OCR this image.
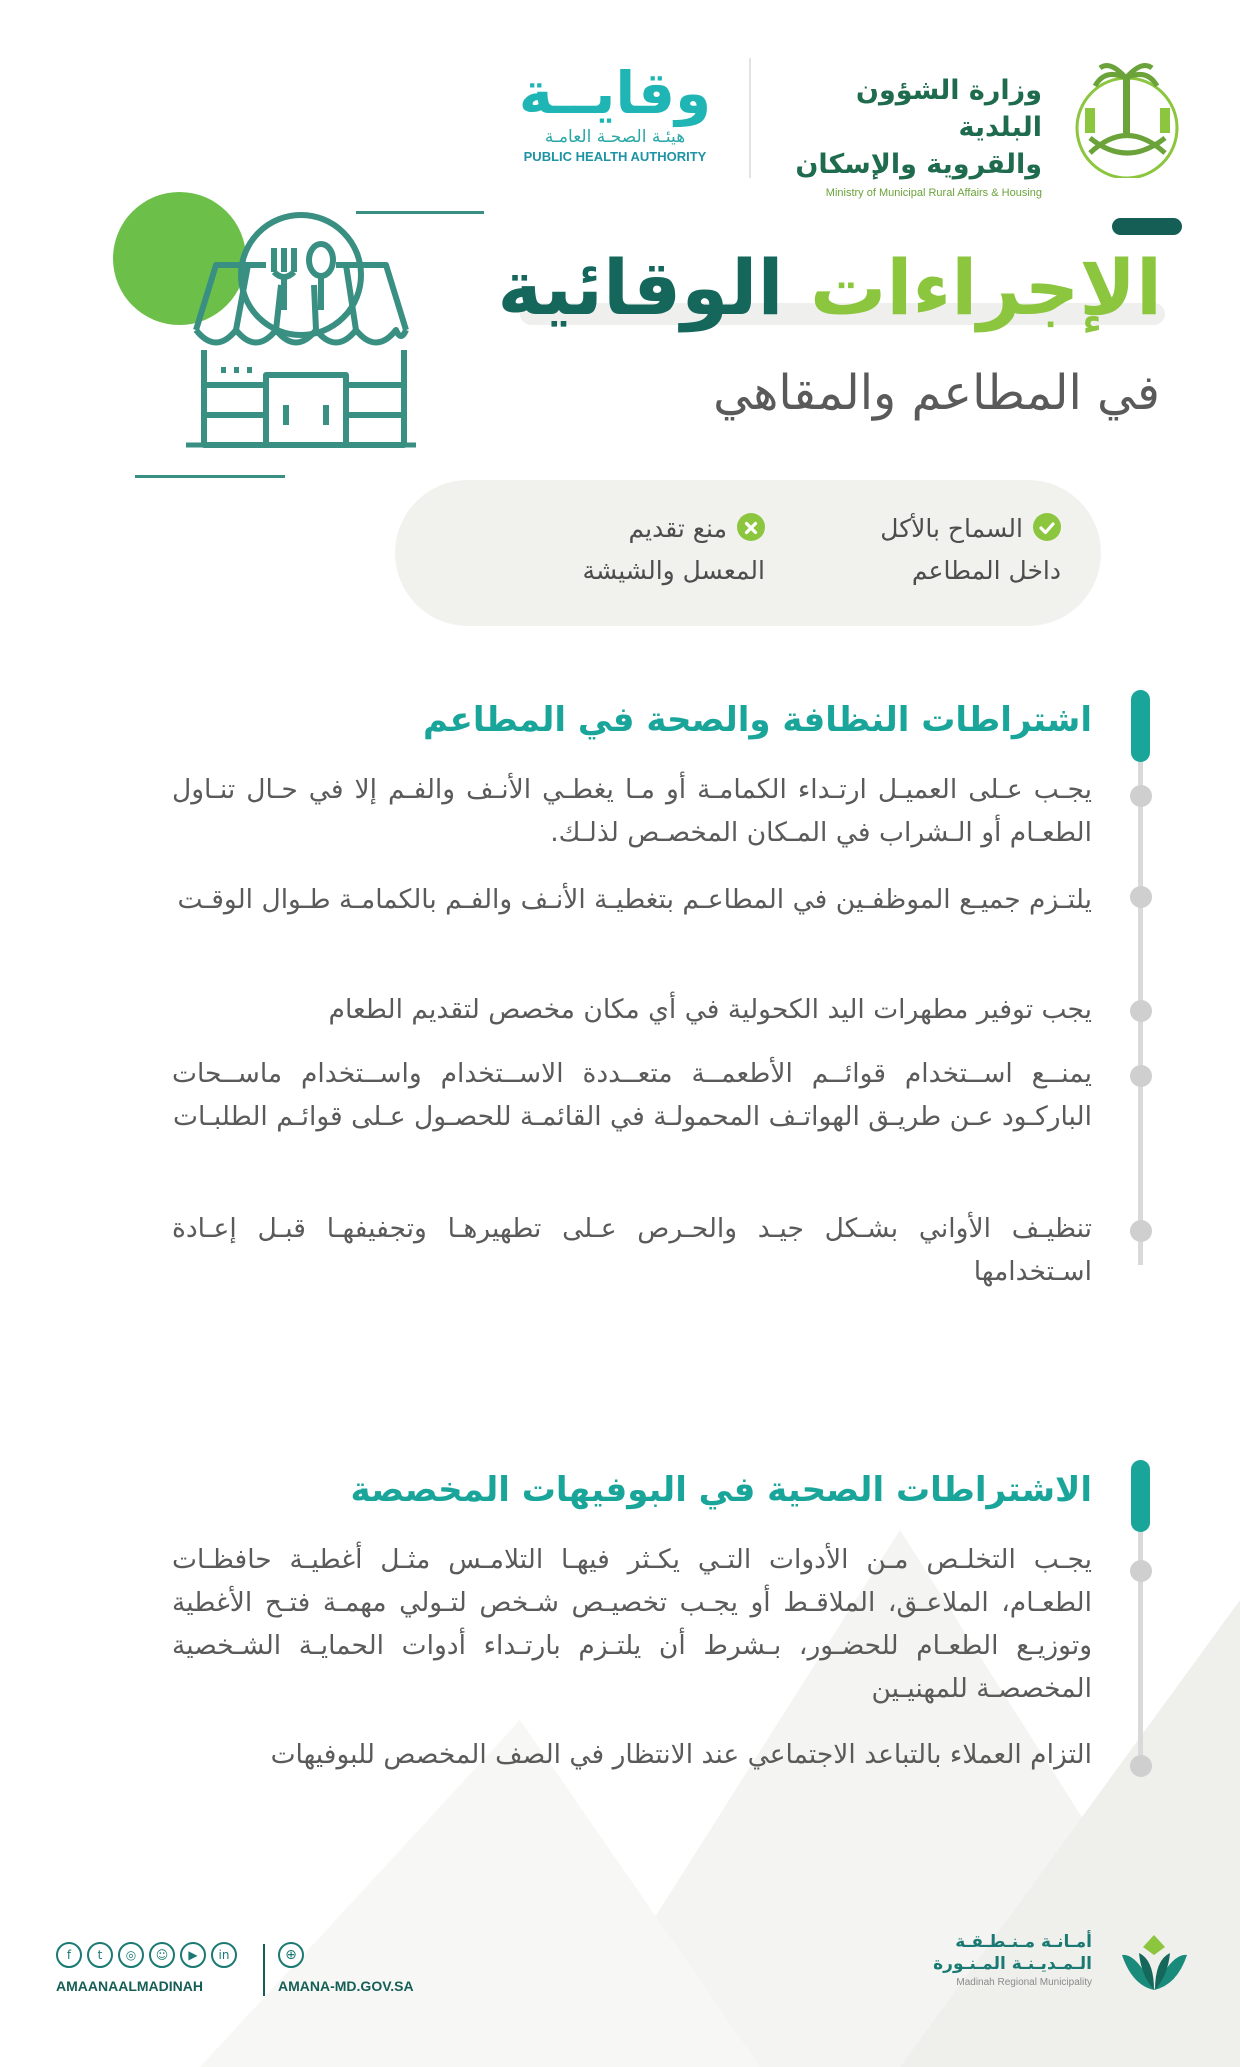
وزارة الشؤون البلدية
والقروية والإسكان
Ministry of Municipal Rural Affairs & Housing
وقايــة
هيئـة الصحـة العامـة
PUBLIC HEALTH AUTHORITY
الإجراءات الوقائية
في المطاعم والمقاهي
السماح بالأكل
داخل المطاعم
منع تقديم
المعسل والشيشة
اشتراطات النظافة والصحة في المطاعم
يجـب عـلى العميـل ارتـداء الكمامـة أو مـا يغطـي الأنـف والفـم إلا في حـال تنـاول الطعـام أو الـشراب في المـكان المخصـص لذلـك.
يلتـزم جميـع الموظفـين في المطاعـم بتغطيـة الأنـف والفـم بالكمامـة طـوال الوقـت
يجب توفير مطهرات اليد الكحولية في أي مكان مخصص لتقديم الطعام
يمنــع اســتخدام قوائــم الأطعمــة متعــددة الاســتخدام واســتخدام ماســحات الباركـود عـن طريـق الهواتـف المحمولـة في القائمـة للحصـول عـلى قوائـم الطلبـات
تنظيـف الأواني بشـكل جيـد والحـرص عـلى تطهيرهـا وتجفيفهـا قبـل إعـادة اسـتخدامها
الاشتراطات الصحية في البوفيهات المخصصة
يجـب التخلـص مـن الأدوات التـي يكـثر فيهـا التلامـس مثـل أغطيـة حافظـات الطعـام، الملاعـق، الملاقـط أو يجـب تخصيـص شـخص لتـولي مهمـة فتـح الأغطية وتوزيـع الطعـام للحضـور، بـشرط أن يلتـزم بارتـداء أدوات الحمايـة الشـخصية المخصصـة للمهنيـين
التزام العملاء بالتباعد الاجتماعي عند الانتظار في الصف المخصص للبوفيهات
f	t	◎	☺	▶	in
AMAANAALMADINAH
⊕
AMANA-MD.GOV.SA
أمـانـة مـنـطـقـة
الـمـديـنـة المـنـورة
Madinah Regional Municipality
